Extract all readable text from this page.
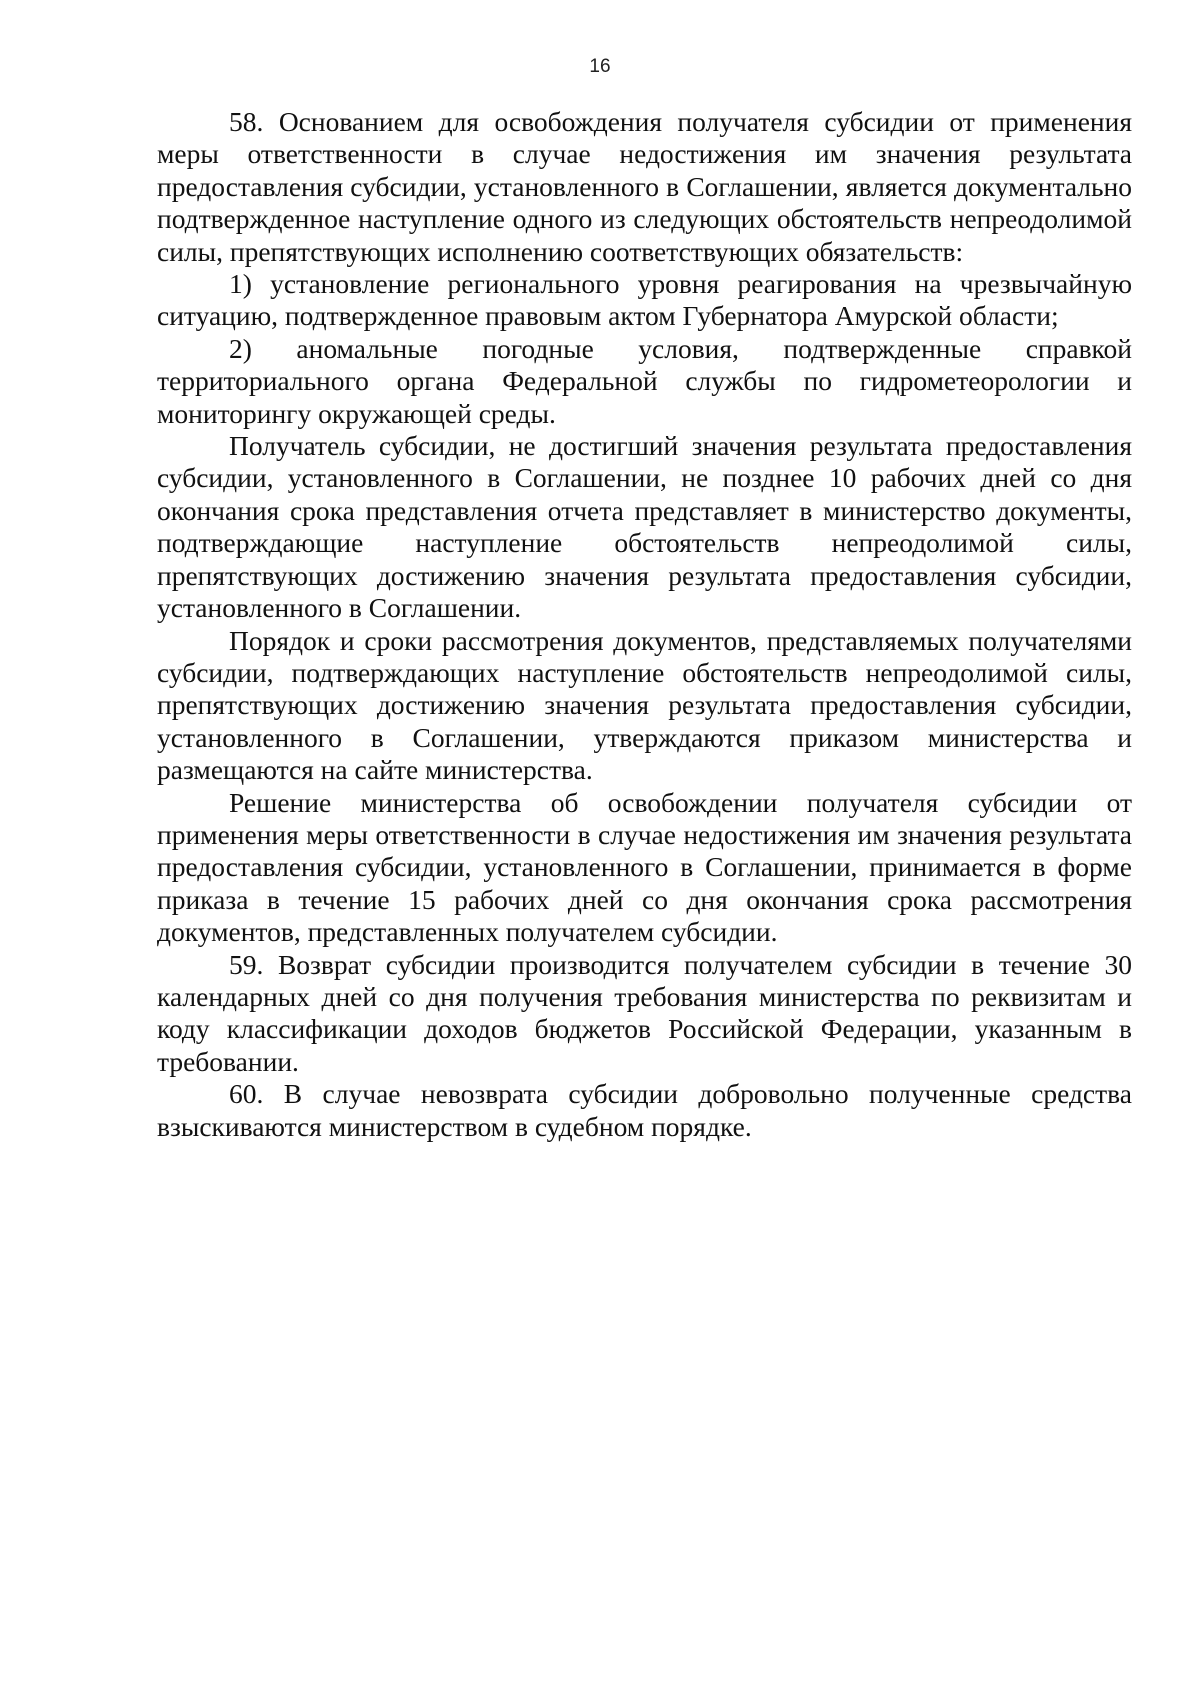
16

58. Основанием для освобождения получателя субсидии от применения меры ответственности в случае недостижения им значения результата предоставления субсидии, установленного в Соглашении, является документально подтвержденное наступление одного из следующих обстоятельств непреодолимой силы, препятствующих исполнению соответствующих обязательств:

1) установление регионального уровня реагирования на чрезвычайную ситуацию, подтвержденное правовым актом Губернатора Амурской области;

2) аномальные погодные условия, подтвержденные справкой территориального органа Федеральной службы по гидрометеорологии и мониторингу окружающей среды.

Получатель субсидии, не достигший значения результата предоставления субсидии, установленного в Соглашении, не позднее 10 рабочих дней со дня окончания срока представления отчета представляет в министерство документы, подтверждающие наступление обстоятельств непреодолимой силы, препятствующих достижению значения результата предоставления субсидии, установленного в Соглашении.

Порядок и сроки рассмотрения документов, представляемых получателями субсидии, подтверждающих наступление обстоятельств непреодолимой силы, препятствующих достижению значения результата предоставления субсидии, установленного в Соглашении, утверждаются приказом министерства и размещаются на сайте министерства.

Решение министерства об освобождении получателя субсидии от применения меры ответственности в случае недостижения им значения результата предоставления субсидии, установленного в Соглашении, принимается в форме приказа в течение 15 рабочих дней со дня окончания срока рассмотрения документов, представленных получателем субсидии.

59. Возврат субсидии производится получателем субсидии в течение 30 календарных дней со дня получения требования министерства по реквизитам и коду классификации доходов бюджетов Российской Федерации, указанным в требовании.

60. В случае невозврата субсидии добровольно полученные средства взыскиваются министерством в судебном порядке.
